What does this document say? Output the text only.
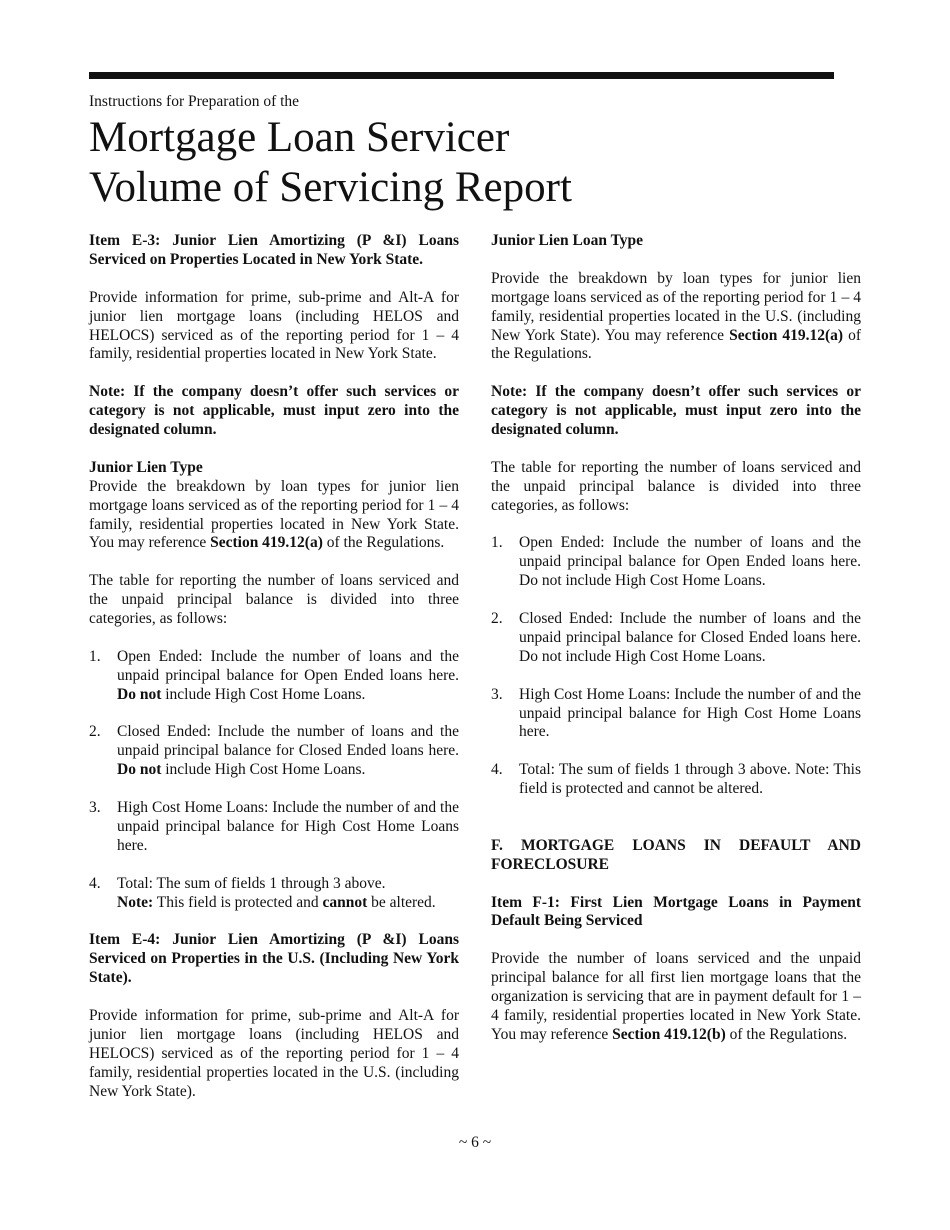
Instructions for Preparation of the
Mortgage Loan Servicer
Volume of Servicing Report

Item E-3: Junior Lien Amortizing (P &I) Loans Serviced on Properties Located in New York State.

Provide information for prime, sub-prime and Alt-A for junior lien mortgage loans (including HELOS and HELOCS) serviced as of the reporting period for 1 – 4 family, residential properties located in New York State.

Note: If the company doesn’t offer such services or category is not applicable, must input zero into the designated column.

Junior Lien Type

Provide the breakdown by loan types for junior lien mortgage loans serviced as of the reporting period for 1 – 4 family, residential properties located in New York State. You may reference Section 419.12(a) of the Regulations.

The table for reporting the number of loans serviced and the unpaid principal balance is divided into three categories, as follows:

1. Open Ended: Include the number of loans and the unpaid principal balance for Open Ended loans here. Do not include High Cost Home Loans.
2. Closed Ended: Include the number of loans and the unpaid principal balance for Closed Ended loans here. Do not include High Cost Home Loans.
3. High Cost Home Loans: Include the number of and the unpaid principal balance for High Cost Home Loans here.
4. Total: The sum of fields 1 through 3 above.
Note: This field is protected and cannot be altered.

Item E-4: Junior Lien Amortizing (P &I) Loans Serviced on Properties in the U.S. (Including New York State).

Provide information for prime, sub-prime and Alt-A for junior lien mortgage loans (including HELOS and HELOCS) serviced as of the reporting period for 1 – 4 family, residential properties located in the U.S. (including New York State).

Junior Lien Loan Type

Provide the breakdown by loan types for junior lien mortgage loans serviced as of the reporting period for 1 – 4 family, residential properties located in the U.S. (including New York State). You may reference Section 419.12(a) of the Regulations.

Note: If the company doesn’t offer such services or category is not applicable, must input zero into the designated column.

The table for reporting the number of loans serviced and the unpaid principal balance is divided into three categories, as follows:

1. Open Ended: Include the number of loans and the unpaid principal balance for Open Ended loans here. Do not include High Cost Home Loans.
2. Closed Ended: Include the number of loans and the unpaid principal balance for Closed Ended loans here. Do not include High Cost Home Loans.
3. High Cost Home Loans: Include the number of and the unpaid principal balance for High Cost Home Loans here.
4. Total: The sum of fields 1 through 3 above. Note: This field is protected and cannot be altered.

F. MORTGAGE LOANS IN DEFAULT AND FORECLOSURE

Item F-1: First Lien Mortgage Loans in Payment Default Being Serviced

Provide the number of loans serviced and the unpaid principal balance for all first lien mortgage loans that the organization is servicing that are in payment default for 1 – 4 family, residential properties located in New York State. You may reference Section 419.12(b) of the Regulations.

~ 6 ~
